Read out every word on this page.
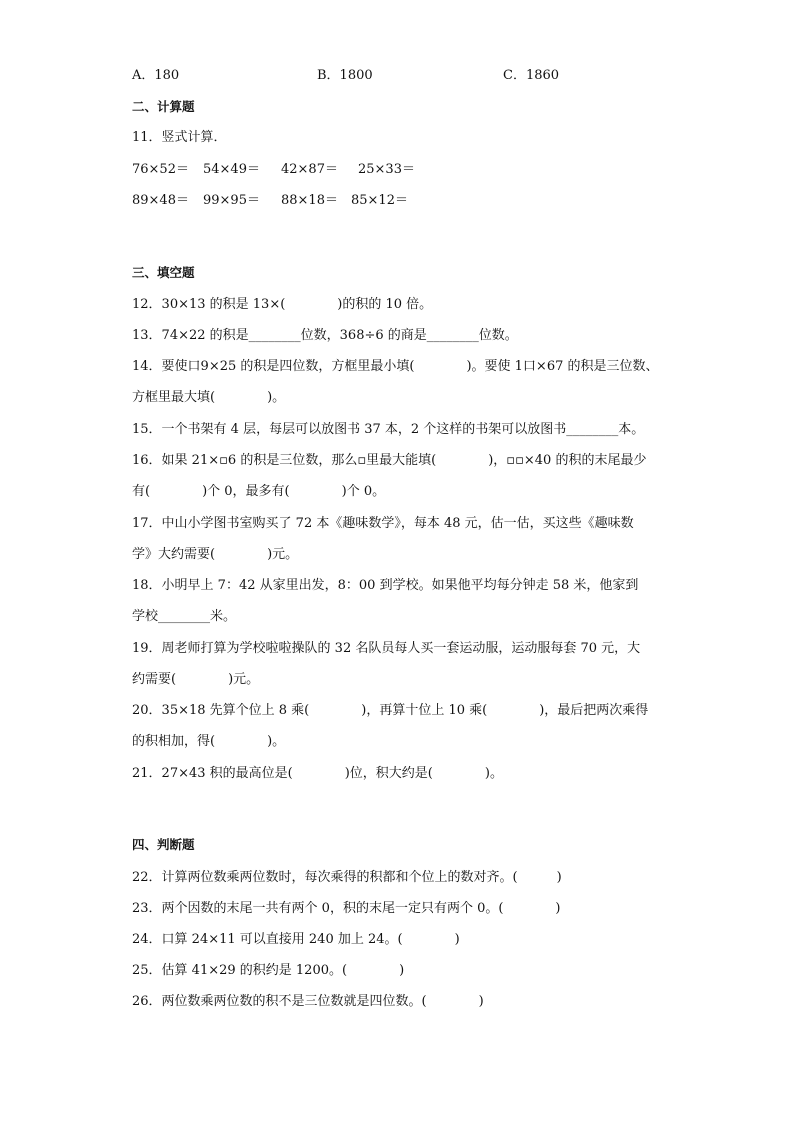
A．180	B．1800	C．1860
二、计算题
11．竖式计算．
76×52＝ 54×49＝ 42×87＝ 25×33＝
89×48＝ 99×95＝ 88×18＝ 85×12＝
三、填空题
12．30×13 的积是 13×(　　　　)的积的 10 倍。
13．74×22 的积是________位数，368÷6 的商是________位数。
14．要使口9×25 的积是四位数，方框里最小填(　　　　)。要使 1口×67 的积是三位数、
方框里最大填(　　　　)。
15．一个书架有 4 层，每层可以放图书 37 本，2 个这样的书架可以放图书________本。
16．如果 21×▫6 的积是三位数，那么▫里最大能填(　　　　)，▫▫×40 的积的末尾最少
有(　　　　)个 0，最多有(　　　　)个 0。
17．中山小学图书室购买了 72 本《趣味数学》，每本 48 元，估一估，买这些《趣味数
学》大约需要(　　　　)元。
18．小明早上 7：42 从家里出发，8：00 到学校。如果他平均每分钟走 58 米，他家到
学校________米。
19．周老师打算为学校啦啦操队的 32 名队员每人买一套运动服，运动服每套 70 元，大
约需要(　　　　)元。
20．35×18 先算个位上 8 乘(　　　　)，再算十位上 10 乘(　　　　)，最后把两次乘得
的积相加，得(　　　　)。
21．27×43 积的最高位是(　　　　)位，积大约是(　　　　)。
四、判断题
22．计算两位数乘两位数时，每次乘得的积都和个位上的数对齐。(　　　)
23．两个因数的末尾一共有两个 0，积的末尾一定只有两个 0。(　　　　)
24．口算 24×11 可以直接用 240 加上 24。(　　　　)
25．估算 41×29 的积约是 1200。(　　　　)
26．两位数乘两位数的积不是三位数就是四位数。(　　　　)
